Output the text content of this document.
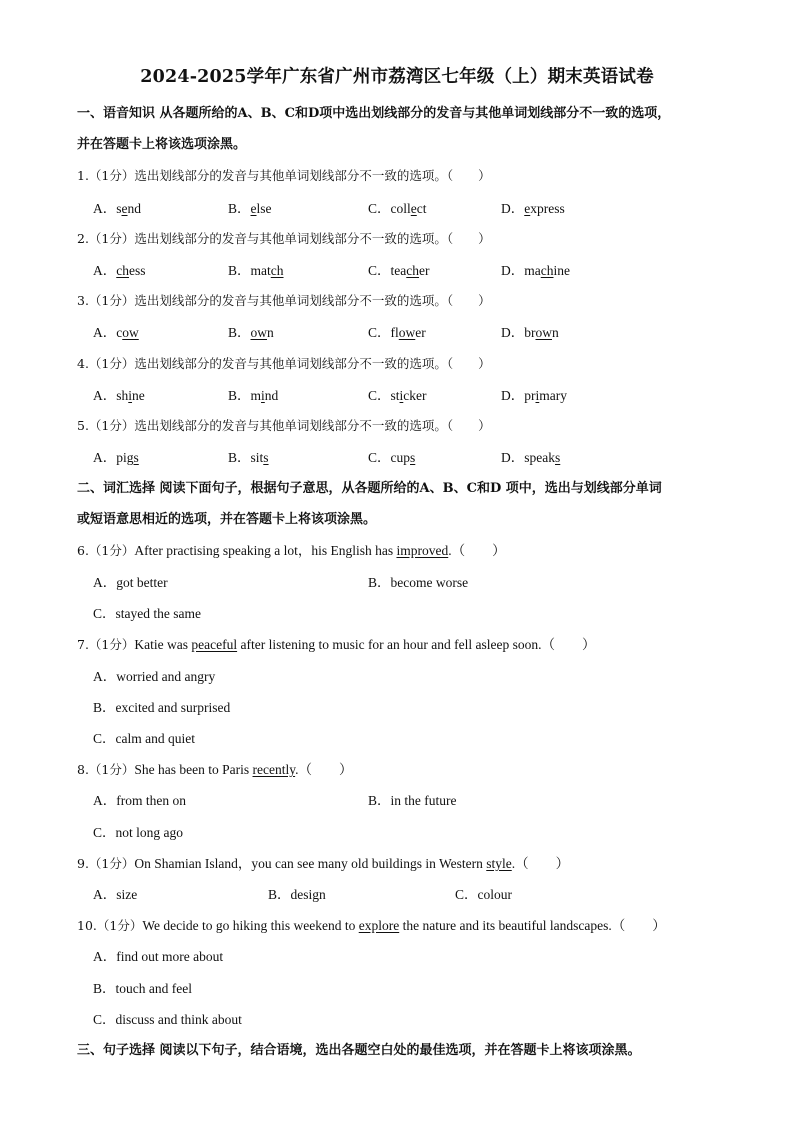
2024-2025学年广东省广州市荔湾区七年级（上）期末英语试卷
一、语音知识 从各题所给的A、B、C和D项中选出划线部分的发音与其他单词划线部分不一致的选项，
并在答题卡上将该选项涂黑。
1.（1分）选出划线部分的发音与其他单词划线部分不一致的选项。（　　）
A．send	B．else	C．collect	D．express
2.（1分）选出划线部分的发音与其他单词划线部分不一致的选项。（　　）
A．chess	B．match	C．teacher	D．machine
3.（1分）选出划线部分的发音与其他单词划线部分不一致的选项。（　　）
A．cow	B．own	C．flower	D．brown
4.（1分）选出划线部分的发音与其他单词划线部分不一致的选项。（　　）
A．shine	B．mind	C．sticker	D．primary
5.（1分）选出划线部分的发音与其他单词划线部分不一致的选项。（　　）
A．pigs	B．sits	C．cups	D．speaks
二、词汇选择 阅读下面句子，根据句子意思，从各题所给的A、B、C和D 项中，选出与划线部分单词
或短语意思相近的选项，并在答题卡上将该项涂黑。
6.（1分）After practising speaking a lot，his English has improved.（　　）
A．got better	B．become worse
C．stayed the same
7.（1分）Katie was peaceful after listening to music for an hour and fell asleep soon.（　　）
A．worried and angry
B．excited and surprised
C．calm and quiet
8.（1分）She has been to Paris recently.（　　）
A．from then on	B．in the future
C．not long ago
9.（1分）On Shamian Island，you can see many old buildings in Western style.（　　）
A．size	B．design	C．colour
10.（1分）We decide to go hiking this weekend to explore the nature and its beautiful landscapes.（　　）
A．find out more about
B．touch and feel
C．discuss and think about
三、句子选择 阅读以下句子，结合语境，选出各题空白处的最佳选项，并在答题卡上将该项涂黑。
